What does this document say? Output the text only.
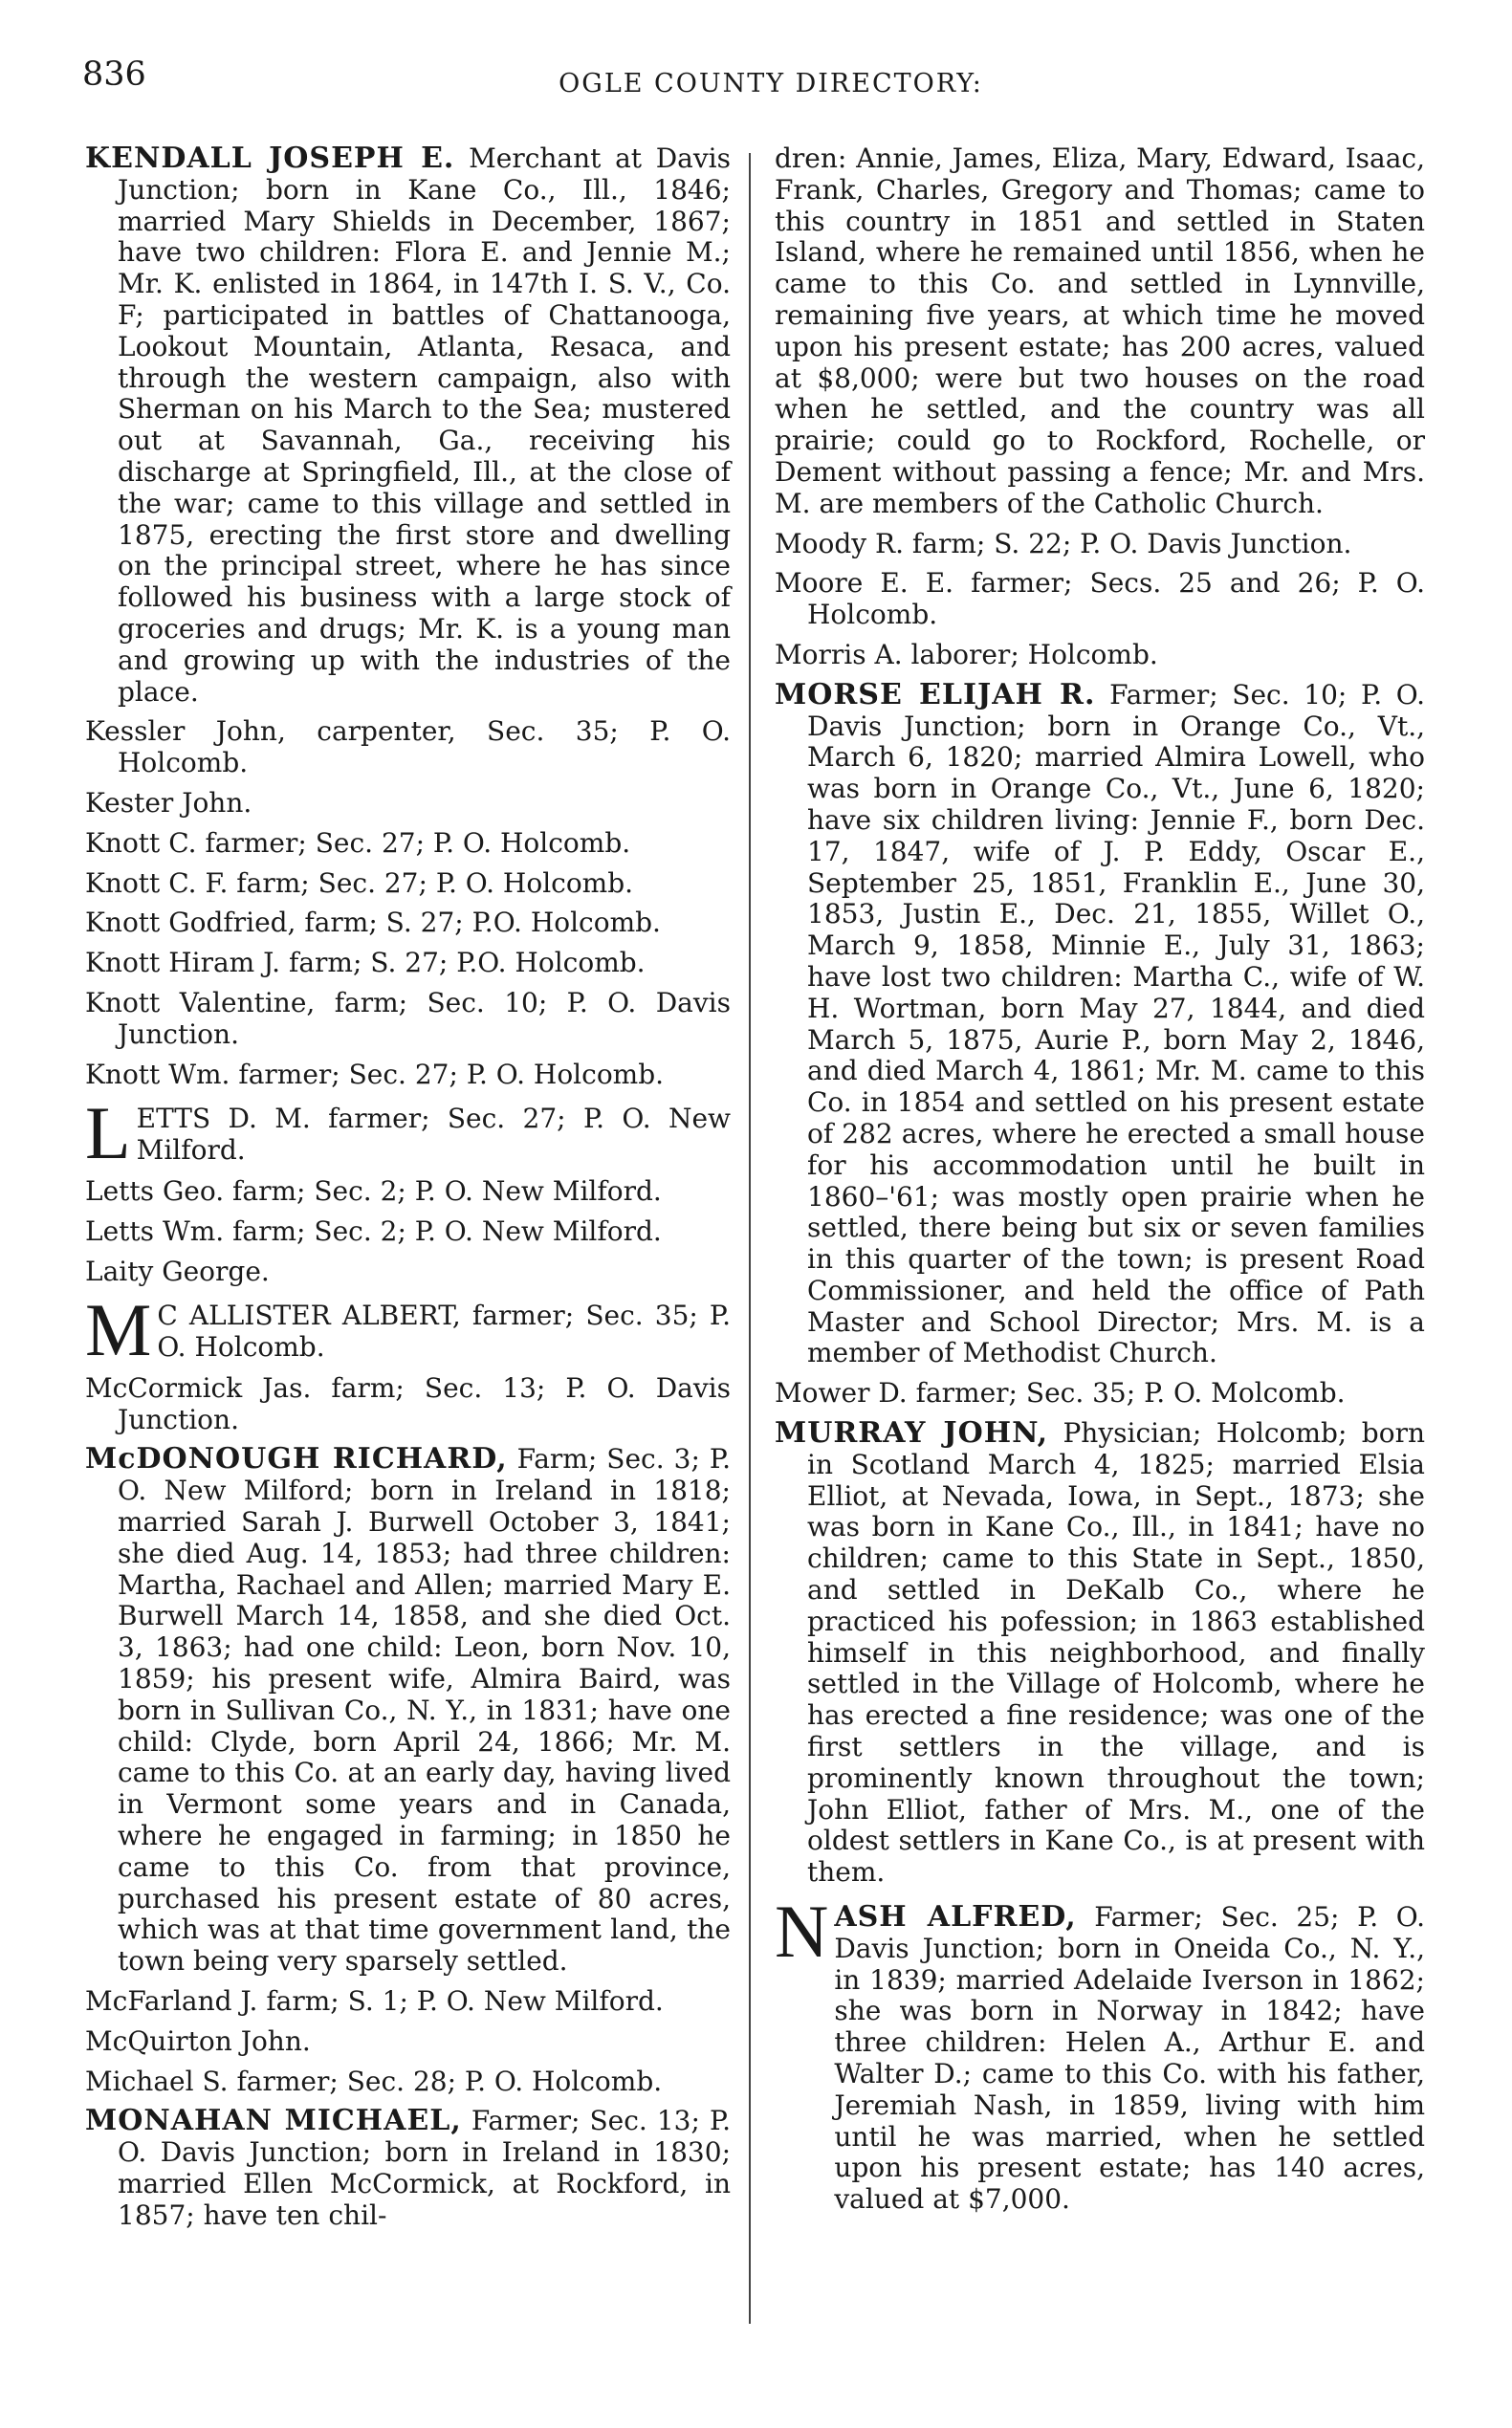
836	OGLE COUNTY DIRECTORY:
KENDALL JOSEPH E. Merchant at Davis Junction; born in Kane Co., Ill., 1846; married Mary Shields in December, 1867; have two children: Flora E. and Jennie M.; Mr. K. enlisted in 1864, in 147th I. S. V., Co. F; participated in battles of Chattanooga, Lookout Mountain, Atlanta, Resaca, and through the western campaign, also with Sherman on his March to the Sea; mustered out at Savannah, Ga., receiving his discharge at Springfield, Ill., at the close of the war; came to this village and settled in 1875, erecting the first store and dwelling on the principal street, where he has since followed his business with a large stock of groceries and drugs; Mr. K. is a young man and growing up with the industries of the place.
Kessler John, carpenter, Sec. 35; P. O. Holcomb.
Kester John.
Knott C. farmer; Sec. 27; P. O. Holcomb.
Knott C. F. farm; Sec. 27; P. O. Holcomb.
Knott Godfried, farm; S. 27; P.O. Holcomb.
Knott Hiram J. farm; S. 27; P.O. Holcomb.
Knott Valentine, farm; Sec. 10; P. O. Davis Junction.
Knott Wm. farmer; Sec. 27; P. O. Holcomb.
L ETTS D. M. farmer; Sec. 27; P. O. New Milford.
Letts Geo. farm; Sec. 2; P. O. New Milford.
Letts Wm. farm; Sec. 2; P. O. New Milford.
Laity George.
M C ALLISTER ALBERT, farmer; Sec. 35; P. O. Holcomb.
McCormick Jas. farm; Sec. 13; P. O. Davis Junction.
McDONOUGH RICHARD, Farm; Sec. 3; P. O. New Milford; born in Ireland in 1818; married Sarah J. Burwell October 3, 1841; she died Aug. 14, 1853; had three children: Martha, Rachael and Allen; married Mary E. Burwell March 14, 1858, and she died Oct. 3, 1863; had one child: Leon, born Nov. 10, 1859; his present wife, Almira Baird, was born in Sullivan Co., N. Y., in 1831; have one child: Clyde, born April 24, 1866; Mr. M. came to this Co. at an early day, having lived in Vermont some years and in Canada, where he engaged in farming; in 1850 he came to this Co. from that province, purchased his present estate of 80 acres, which was at that time government land, the town being very sparsely settled.
McFarland J. farm; S. 1; P. O. New Milford.
McQuirton John.
Michael S. farmer; Sec. 28; P. O. Holcomb.
MONAHAN MICHAEL, Farmer; Sec. 13; P. O. Davis Junction; born in Ireland in 1830; married Ellen McCormick, at Rockford, in 1857; have ten chil-
dren: Annie, James, Eliza, Mary, Edward, Isaac, Frank, Charles, Gregory and Thomas; came to this country in 1851 and settled in Staten Island, where he remained until 1856, when he came to this Co. and settled in Lynnville, remaining five years, at which time he moved upon his present estate; has 200 acres, valued at $8,000; were but two houses on the road when he settled, and the country was all prairie; could go to Rockford, Rochelle, or Dement without passing a fence; Mr. and Mrs. M. are members of the Catholic Church.
Moody R. farm; S. 22; P. O. Davis Junction.
Moore E. E. farmer; Secs. 25 and 26; P. O. Holcomb.
Morris A. laborer; Holcomb.
MORSE ELIJAH R. Farmer; Sec. 10; P. O. Davis Junction; born in Orange Co., Vt., March 6, 1820; married Almira Lowell, who was born in Orange Co., Vt., June 6, 1820; have six children living: Jennie F., born Dec. 17, 1847, wife of J. P. Eddy, Oscar E., September 25, 1851, Franklin E., June 30, 1853, Justin E., Dec. 21, 1855, Willet O., March 9, 1858, Minnie E., July 31, 1863; have lost two children: Martha C., wife of W. H. Wortman, born May 27, 1844, and died March 5, 1875, Aurie P., born May 2, 1846, and died March 4, 1861; Mr. M. came to this Co. in 1854 and settled on his present estate of 282 acres, where he erected a small house for his accommodation until he built in 1860–'61; was mostly open prairie when he settled, there being but six or seven families in this quarter of the town; is present Road Commissioner, and held the office of Path Master and School Director; Mrs. M. is a member of Methodist Church.
Mower D. farmer; Sec. 35; P. O. Molcomb.
MURRAY JOHN, Physician; Holcomb; born in Scotland March 4, 1825; married Elsia Elliot, at Nevada, Iowa, in Sept., 1873; she was born in Kane Co., Ill., in 1841; have no children; came to this State in Sept., 1850, and settled in DeKalb Co., where he practiced his pofession; in 1863 established himself in this neighborhood, and finally settled in the Village of Holcomb, where he has erected a fine residence; was one of the first settlers in the village, and is prominently known throughout the town; John Elliot, father of Mrs. M., one of the oldest settlers in Kane Co., is at present with them.
N ASH ALFRED, Farmer; Sec. 25; P. O. Davis Junction; born in Oneida Co., N. Y., in 1839; married Adelaide Iverson in 1862; she was born in Norway in 1842; have three children: Helen A., Arthur E. and Walter D.; came to this Co. with his father, Jeremiah Nash, in 1859, living with him until he was married, when he settled upon his present estate; has 140 acres, valued at $7,000.
